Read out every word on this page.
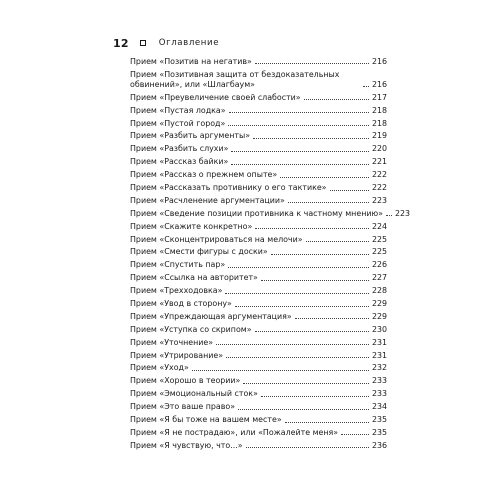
12	Оглавление
Прием «Позитив на негатив»	216
Прием «Позитивная защита от бездоказательных обвинений», или «Шлагбаум»	216
Прием «Преувеличение своей слабости»	217
Прием «Пустая лодка»	218
Прием «Пустой город»	218
Прием «Разбить аргументы»	219
Прием «Разбить слухи»	220
Прием «Рассказ байки»	221
Прием «Рассказ о прежнем опыте»	222
Прием «Рассказать противнику о его тактике»	222
Прием «Расчленение аргументации»	223
Прием «Сведение позиции противника к частному мнению» 223
Прием «Скажите конкретно»	224
Прием «Сконцентрироваться на мелочи»	225
Прием «Смести фигуры с доски»	225
Прием «Спустить пар»	226
Прием «Ссылка на авторитет»	227
Прием «Трехходовка»	228
Прием «Увод в сторону»	229
Прием «Упреждающая аргументация»	229
Прием «Уступка со скрипом»	230
Прием «Уточнение»	231
Прием «Утрирование»	231
Прием «Уход»	232
Прием «Хорошо в теории»	233
Прием «Эмоциональный сток»	233
Прием «Это ваше право»	234
Прием «Я бы тоже на вашем месте»	235
Прием «Я не пострадаю», или «Пожалейте меня»	235
Прием «Я чувствую, что...»	236
